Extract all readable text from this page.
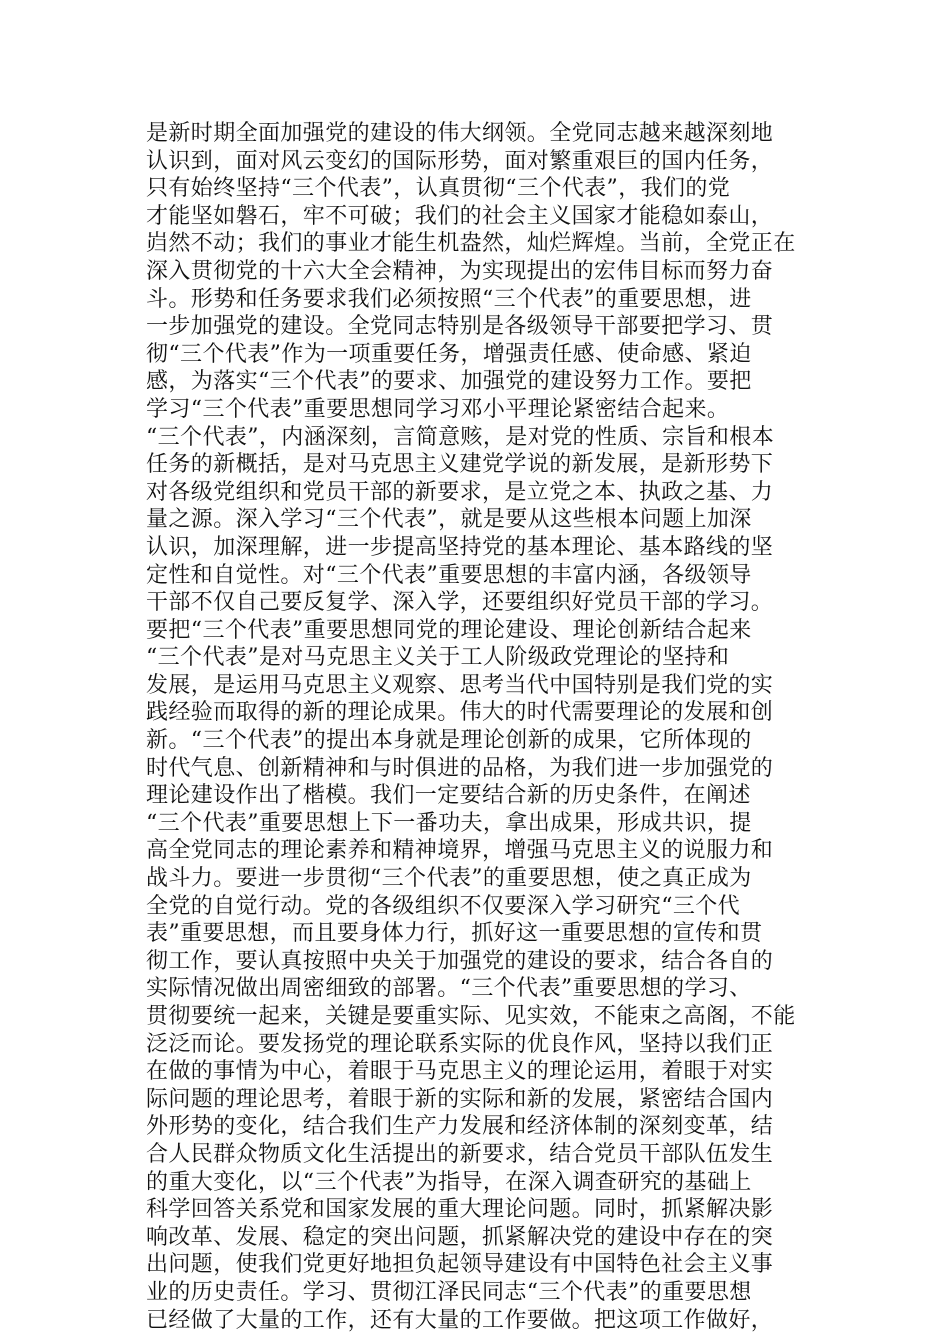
是新时期全面加强党的建设的伟大纲领。全党同志越来越深刻地
认识到，面对风云变幻的国际形势，面对繁重艰巨的国内任务，
只有始终坚持“三个代表”，认真贯彻“三个代表”，我们的党
才能坚如磐石，牢不可破；我们的社会主义国家才能稳如泰山，
岿然不动；我们的事业才能生机盎然，灿烂辉煌。当前，全党正在
深入贯彻党的十六大全会精神，为实现提出的宏伟目标而努力奋
斗。形势和任务要求我们必须按照“三个代表”的重要思想，进
一步加强党的建设。全党同志特别是各级领导干部要把学习、贯
彻“三个代表”作为一项重要任务，增强责任感、使命感、紧迫
感，为落实“三个代表”的要求、加强党的建设努力工作。要把
学习“三个代表”重要思想同学习邓小平理论紧密结合起来。
“三个代表”，内涵深刻，言简意赅，是对党的性质、宗旨和根本
任务的新概括，是对马克思主义建党学说的新发展，是新形势下
对各级党组织和党员干部的新要求，是立党之本、执政之基、力
量之源。深入学习“三个代表”，就是要从这些根本问题上加深
认识，加深理解，进一步提高坚持党的基本理论、基本路线的坚
定性和自觉性。对“三个代表”重要思想的丰富内涵，各级领导
干部不仅自己要反复学、深入学，还要组织好党员干部的学习。
要把“三个代表”重要思想同党的理论建设、理论创新结合起来
“三个代表”是对马克思主义关于工人阶级政党理论的坚持和
发展，是运用马克思主义观察、思考当代中国特别是我们党的实
践经验而取得的新的理论成果。伟大的时代需要理论的发展和创
新。“三个代表”的提出本身就是理论创新的成果，它所体现的
时代气息、创新精神和与时俱进的品格，为我们进一步加强党的
理论建设作出了楷模。我们一定要结合新的历史条件，在阐述
“三个代表”重要思想上下一番功夫，拿出成果，形成共识，提
高全党同志的理论素养和精神境界，增强马克思主义的说服力和
战斗力。要进一步贯彻“三个代表”的重要思想，使之真正成为
全党的自觉行动。党的各级组织不仅要深入学习研究“三个代
表”重要思想，而且要身体力行，抓好这一重要思想的宣传和贯
彻工作，要认真按照中央关于加强党的建设的要求，结合各自的
实际情况做出周密细致的部署。“三个代表”重要思想的学习、
贯彻要统一起来，关键是要重实际、见实效，不能束之高阁，不能
泛泛而论。要发扬党的理论联系实际的优良作风，坚持以我们正
在做的事情为中心，着眼于马克思主义的理论运用，着眼于对实
际问题的理论思考，着眼于新的实际和新的发展，紧密结合国内
外形势的变化，结合我们生产力发展和经济体制的深刻变革，结
合人民群众物质文化生活提出的新要求，结合党员干部队伍发生
的重大变化，以“三个代表”为指导，在深入调查研究的基础上
科学回答关系党和国家发展的重大理论问题。同时，抓紧解决影
响改革、发展、稳定的突出问题，抓紧解决党的建设中存在的突
出问题，使我们党更好地担负起领导建设有中国特色社会主义事
业的历史责任。学习、贯彻江泽民同志“三个代表”的重要思想
已经做了大量的工作，还有大量的工作要做。把这项工作做好，
